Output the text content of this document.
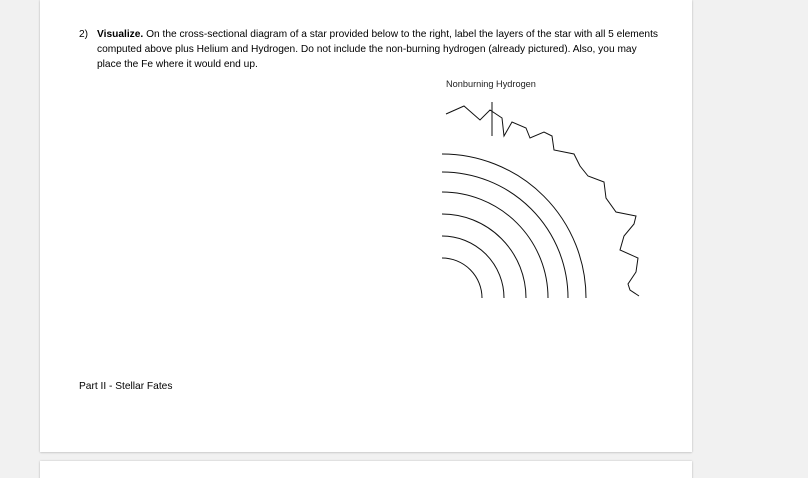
2) Visualize. On the cross-sectional diagram of a star provided below to the right, label the layers of the star with all 5 elements computed above plus Helium and Hydrogen. Do not include the non-burning hydrogen (already pictured). Also, you may place the Fe where it would end up.
Nonburning Hydrogen
Part II - Stellar Fates
